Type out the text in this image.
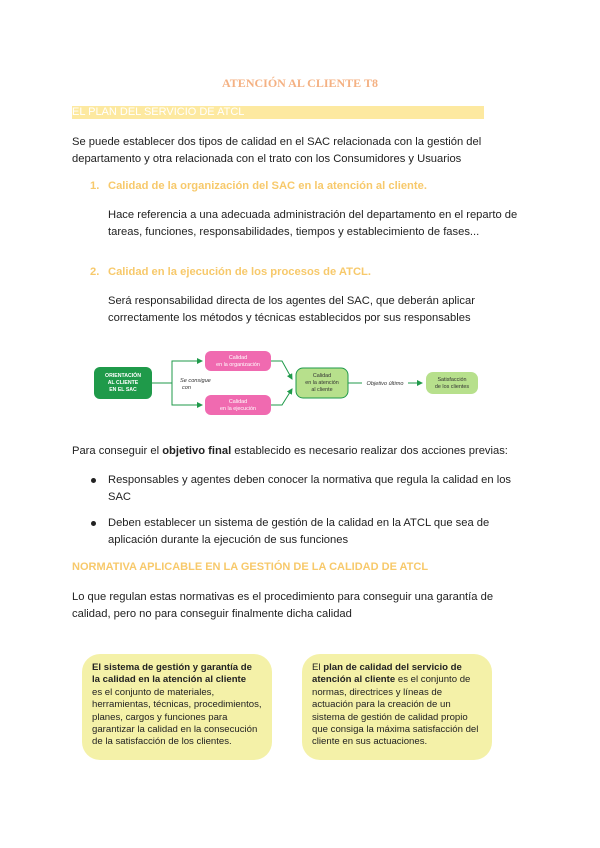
ATENCIÓN AL CLIENTE T8
EL PLAN DEL SERVICIO DE ATCL
Se puede establecer dos tipos de calidad en el SAC relacionada con la gestión del
departamento y otra relacionada con el trato con los Consumidores y Usuarios
1. Calidad de la organización del SAC en la atención al cliente.
Hace referencia a una adecuada administración del departamento en el reparto de
tareas, funciones, responsabilidades, tiempos y establecimiento de fases...
2. Calidad en la ejecución de los procesos de ATCL.
Será responsabilidad directa de los agentes del SAC, que deberán aplicar
correctamente los métodos y técnicas establecidos por sus responsables
ORIENTACIÓN
AL CLIENTE
EN EL SAC
Se consigue
con
Calidad
en la organización
Calidad
en la ejecución
Calidad
en la atención
al cliente
Objetivo último
Satisfacción
de los clientes
Para conseguir el objetivo final establecido es necesario realizar dos acciones previas:
Responsables y agentes deben conocer la normativa que regula la calidad en los
SAC
Deben establecer un sistema de gestión de la calidad en la ATCL que sea de
aplicación durante la ejecución de sus funciones
NORMATIVA APLICABLE EN LA GESTIÓN DE LA CALIDAD DE ATCL
Lo que regulan estas normativas es el procedimiento para conseguir una garantía de
calidad, pero no para conseguir finalmente dicha calidad
El sistema de gestión y garantía de
la calidad en la atención al cliente
es el conjunto de materiales,
herramientas, técnicas, procedimientos,
planes, cargos y funciones para
garantizar la calidad en la consecución
de la satisfacción de los clientes.
El plan de calidad del servicio de
atención al cliente es el conjunto de
normas, directrices y líneas de
actuación para la creación de un
sistema de gestión de calidad propio
que consiga la máxima satisfacción del
cliente en sus actuaciones.
